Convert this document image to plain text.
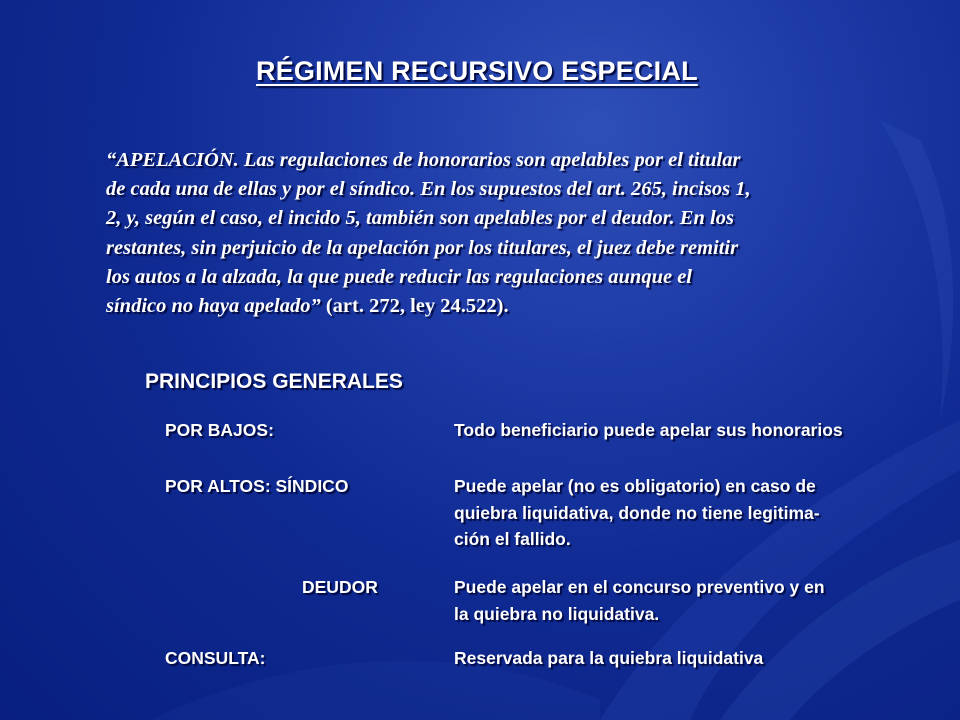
RÉGIMEN RECURSIVO ESPECIAL

“APELACIÓN. Las regulaciones de honorarios son apelables por el titular
de cada una de ellas y por el síndico. En los supuestos del art. 265, incisos 1,
2, y, según el caso, el incido 5, también son apelables por el deudor. En los
restantes, sin perjuicio de la apelación por los titulares, el juez debe remitir
los autos a la alzada, la que puede reducir las regulaciones aunque el
síndico no haya apelado” (art. 272, ley 24.522).

PRINCIPIOS GENERALES
POR BAJOS:	Todo beneficiario puede apelar sus honorarios
POR ALTOS: SÍNDICO	Puede apelar (no es obligatorio) en caso de
quiebra liquidativa, donde no tiene legitima-
ción el fallido.
DEUDOR	Puede apelar en el concurso preventivo y en
la quiebra no liquidativa.
CONSULTA:	Reservada para la quiebra liquidativa
